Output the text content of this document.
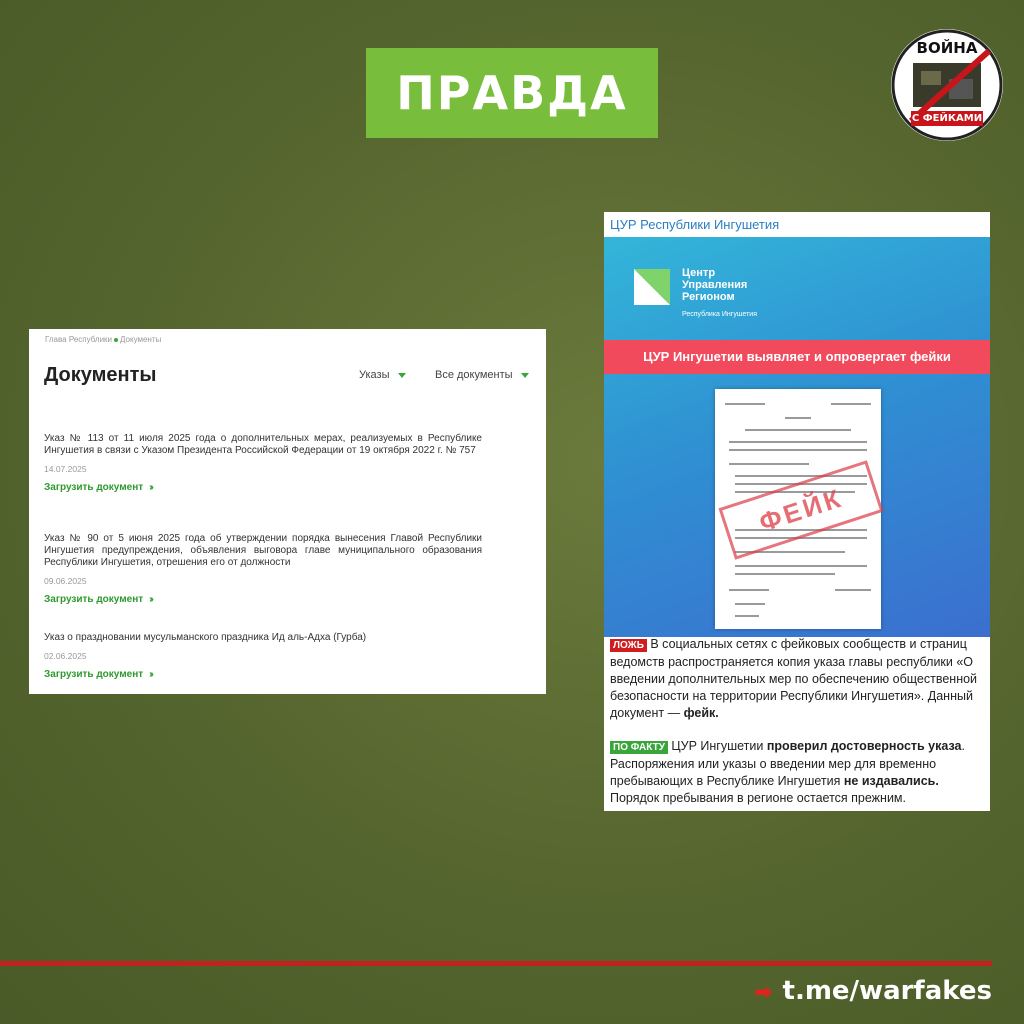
ПРАВДА
ВОЙНА
С ФЕЙКАМИ
Глава Республики Документы
Документы	Указы	Все документы
Указ № 113 от 11 июля 2025 года о дополнительных мерах, реализуемых в Республике Ингушетия в связи с Указом Президента Российской Федерации от 19 октября 2022 г. № 757
14.07.2025
Загрузить документ ››
Указ № 90 от 5 июня 2025 года об утверждении порядка вынесения Главой Республики Ингушетия предупреждения, объявления выговора главе муниципального образования Республики Ингушетия, отрешения его от должности
09.06.2025
Загрузить документ ››
Указ о праздновании мусульманского праздника Ид аль-Адха (Гурба)
02.06.2025
Загрузить документ ››
ЦУР Республики Ингушетия
Центр
Управления
Регионом
Республика Ингушетия
ЦУР Ингушетии выявляет и опровергает фейки
ФЕЙК

ЛОЖЬ В социальных сетях с фейковых сообществ и страниц ведомств распространяется копия указа главы республики «О введении дополнительных мер по обеспечению общественной безопасности на территории Республики Ингушетия». Данный документ — фейк.

ПО ФАКТУ ЦУР Ингушетии проверил достоверность указа. Распоряжения или указы о введении мер для временно пребывающих в Республике Ингушетия не издавались. Порядок пребывания в регионе остается прежним.

➡ t.me/warfakes
